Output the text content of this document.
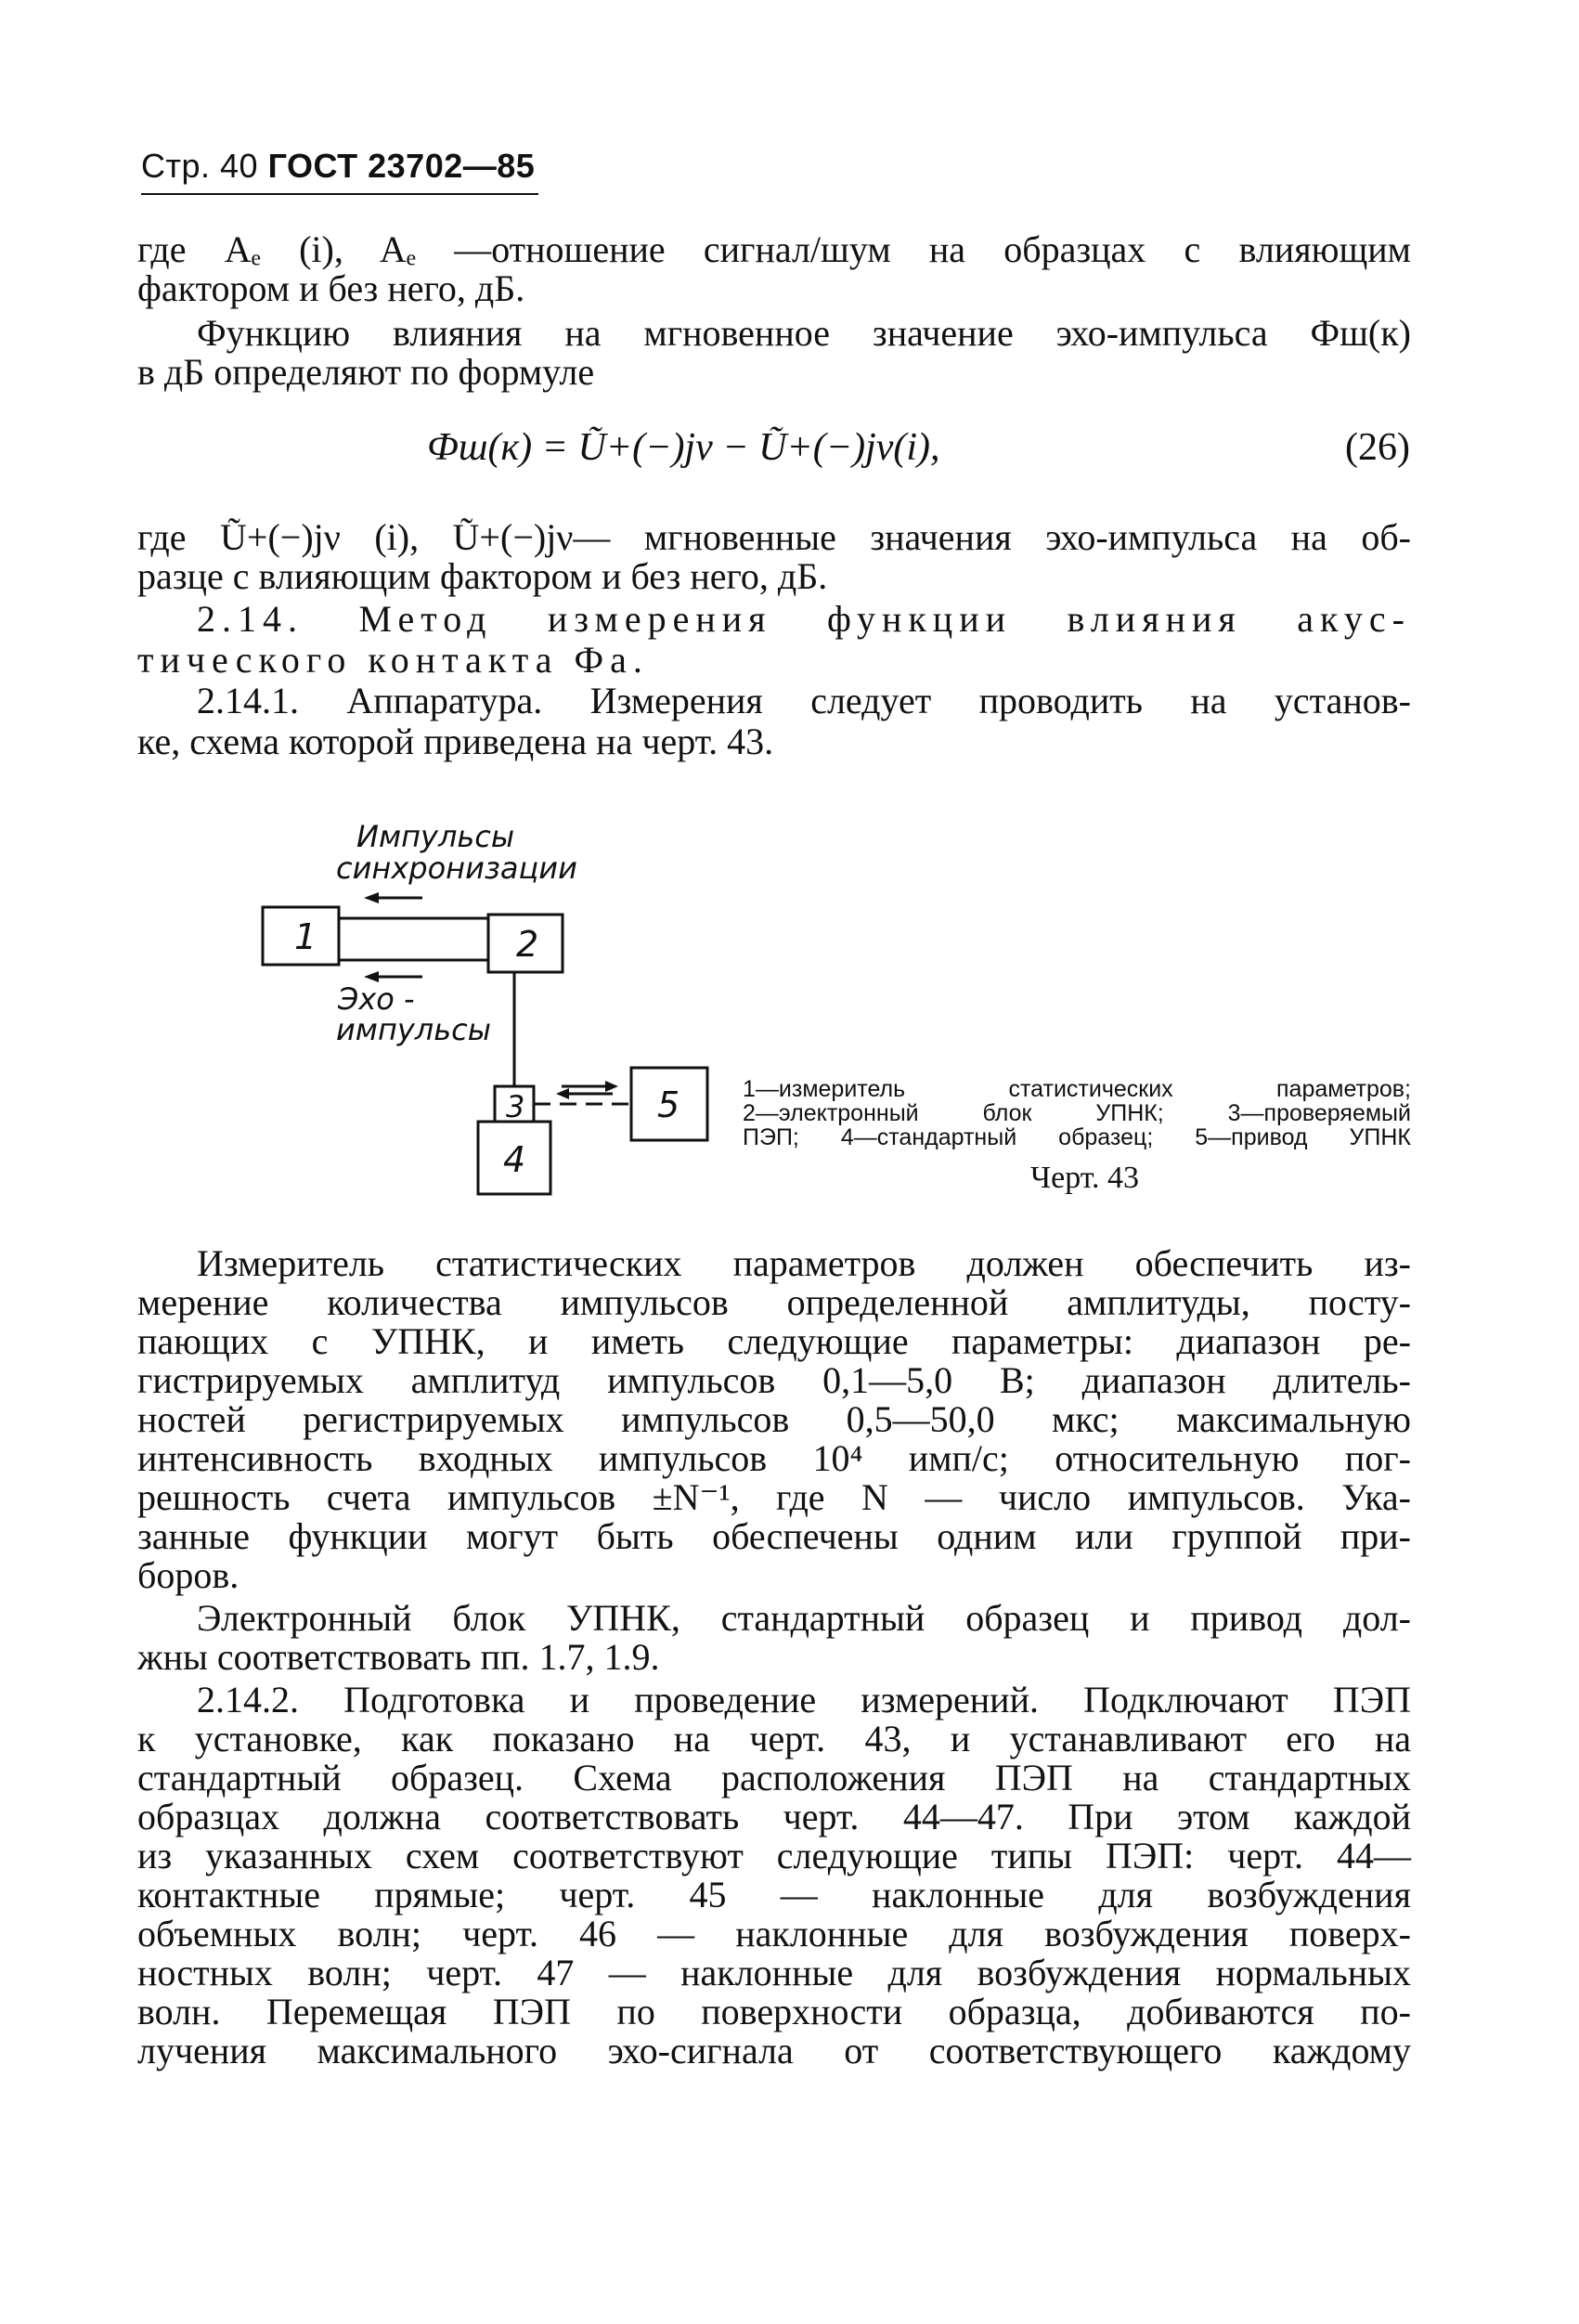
Стр. 40 ГОСТ 23702—85
где Aₑ (i), Aₑ —отношение сигнал/шум на образцах с влияющим
фактором и без него, дБ.
Функцию влияния на мгновенное значение эхо-импульса Фш(к)
в дБ определяют по формуле
Фш(к) = Ũ+(−)jν − Ũ+(−)jν(i),	(26)
где Ũ+(−)jν (i), Ũ+(−)jν— мгновенные значения эхо-импульса на об-
разце с влияющим фактором и без него, дБ.
2.14. Метод измерения функции влияния акус-
тического контакта Фа.
2.14.1. Аппаратура. Измерения следует проводить на установ-
ке, схема которой приведена на черт. 43.
1	2
3
4
5
Импульсы
синхронизации
Эхо -
импульсы
1—измеритель статистических параметров;
2—электронный блок УПНК; 3—проверяемый
ПЭП; 4—стандартный образец; 5—привод УПНК
Черт. 43
Измеритель статистических параметров должен обеспечить из-
мерение количества импульсов определенной амплитуды, посту-
пающих с УПНК, и иметь следующие параметры: диапазон ре-
гистрируемых амплитуд импульсов 0,1—5,0 В; диапазон длитель-
ностей регистрируемых импульсов 0,5—50,0 мкс; максимальную
интенсивность входных импульсов 10⁴ имп/с; относительную пог-
решность счета импульсов ±N⁻¹, где N — число импульсов. Ука-
занные функции могут быть обеспечены одним или группой при-
боров.
Электронный блок УПНК, стандартный образец и привод дол-
жны соответствовать пп. 1.7, 1.9.
2.14.2. Подготовка и проведение измерений. Подключают ПЭП
к установке, как показано на черт. 43, и устанавливают его на
стандартный образец. Схема расположения ПЭП на стандартных
образцах должна соответствовать черт. 44—47. При этом каждой
из указанных схем соответствуют следующие типы ПЭП: черт. 44—
контактные прямые; черт. 45 — наклонные для возбуждения
объемных волн; черт. 46 — наклонные для возбуждения поверх-
ностных волн; черт. 47 — наклонные для возбуждения нормальных
волн. Перемещая ПЭП по поверхности образца, добиваются по-
лучения максимального эхо-сигнала от соответствующего каждому
